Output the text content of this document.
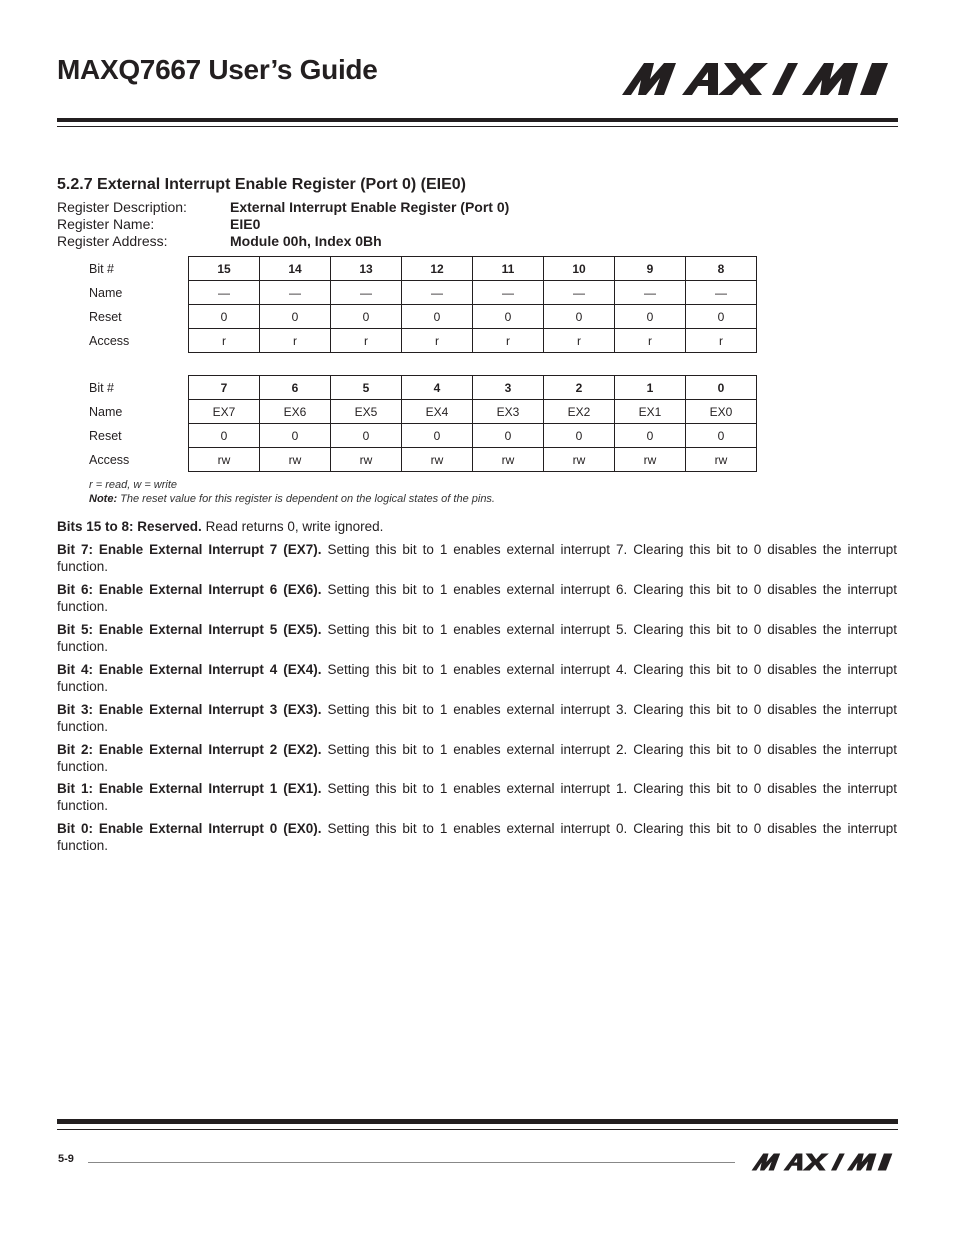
MAXQ7667 User’s Guide
5.2.7 External Interrupt Enable Register (Port 0) (EIE0)
Register Description:	External Interrupt Enable Register (Port 0)
Register Name:	EIE0
Register Address:	Module 00h, Index 0Bh
Bit #	15	14	13	12	11	10	9	8
Name	—	—	—	—	—	—	—	—
Reset	0	0	0	0	0	0	0	0
Access	r	r	r	r	r	r	r	r
Bit #	7	6	5	4	3	2	1	0
Name	EX7	EX6	EX5	EX4	EX3	EX2	EX1	EX0
Reset	0	0	0	0	0	0	0	0
Access	rw	rw	rw	rw	rw	rw	rw	rw
r = read, w = write
Note: The reset value for this register is dependent on the logical states of the pins.

Bits 15 to 8: Reserved. Read returns 0, write ignored.

Bit 7: Enable External Interrupt 7 (EX7). Setting this bit to 1 enables external interrupt 7. Clearing this bit to 0 disables the interrupt function.

Bit 6: Enable External Interrupt 6 (EX6). Setting this bit to 1 enables external interrupt 6. Clearing this bit to 0 disables the interrupt function.

Bit 5: Enable External Interrupt 5 (EX5). Setting this bit to 1 enables external interrupt 5. Clearing this bit to 0 disables the interrupt function.

Bit 4: Enable External Interrupt 4 (EX4). Setting this bit to 1 enables external interrupt 4. Clearing this bit to 0 disables the interrupt function.

Bit 3: Enable External Interrupt 3 (EX3). Setting this bit to 1 enables external interrupt 3. Clearing this bit to 0 disables the interrupt function.

Bit 2: Enable External Interrupt 2 (EX2). Setting this bit to 1 enables external interrupt 2. Clearing this bit to 0 disables the interrupt function.

Bit 1: Enable External Interrupt 1 (EX1). Setting this bit to 1 enables external interrupt 1. Clearing this bit to 0 disables the interrupt function.

Bit 0: Enable External Interrupt 0 (EX0). Setting this bit to 1 enables external interrupt 0. Clearing this bit to 0 disables the interrupt function.

5-9
